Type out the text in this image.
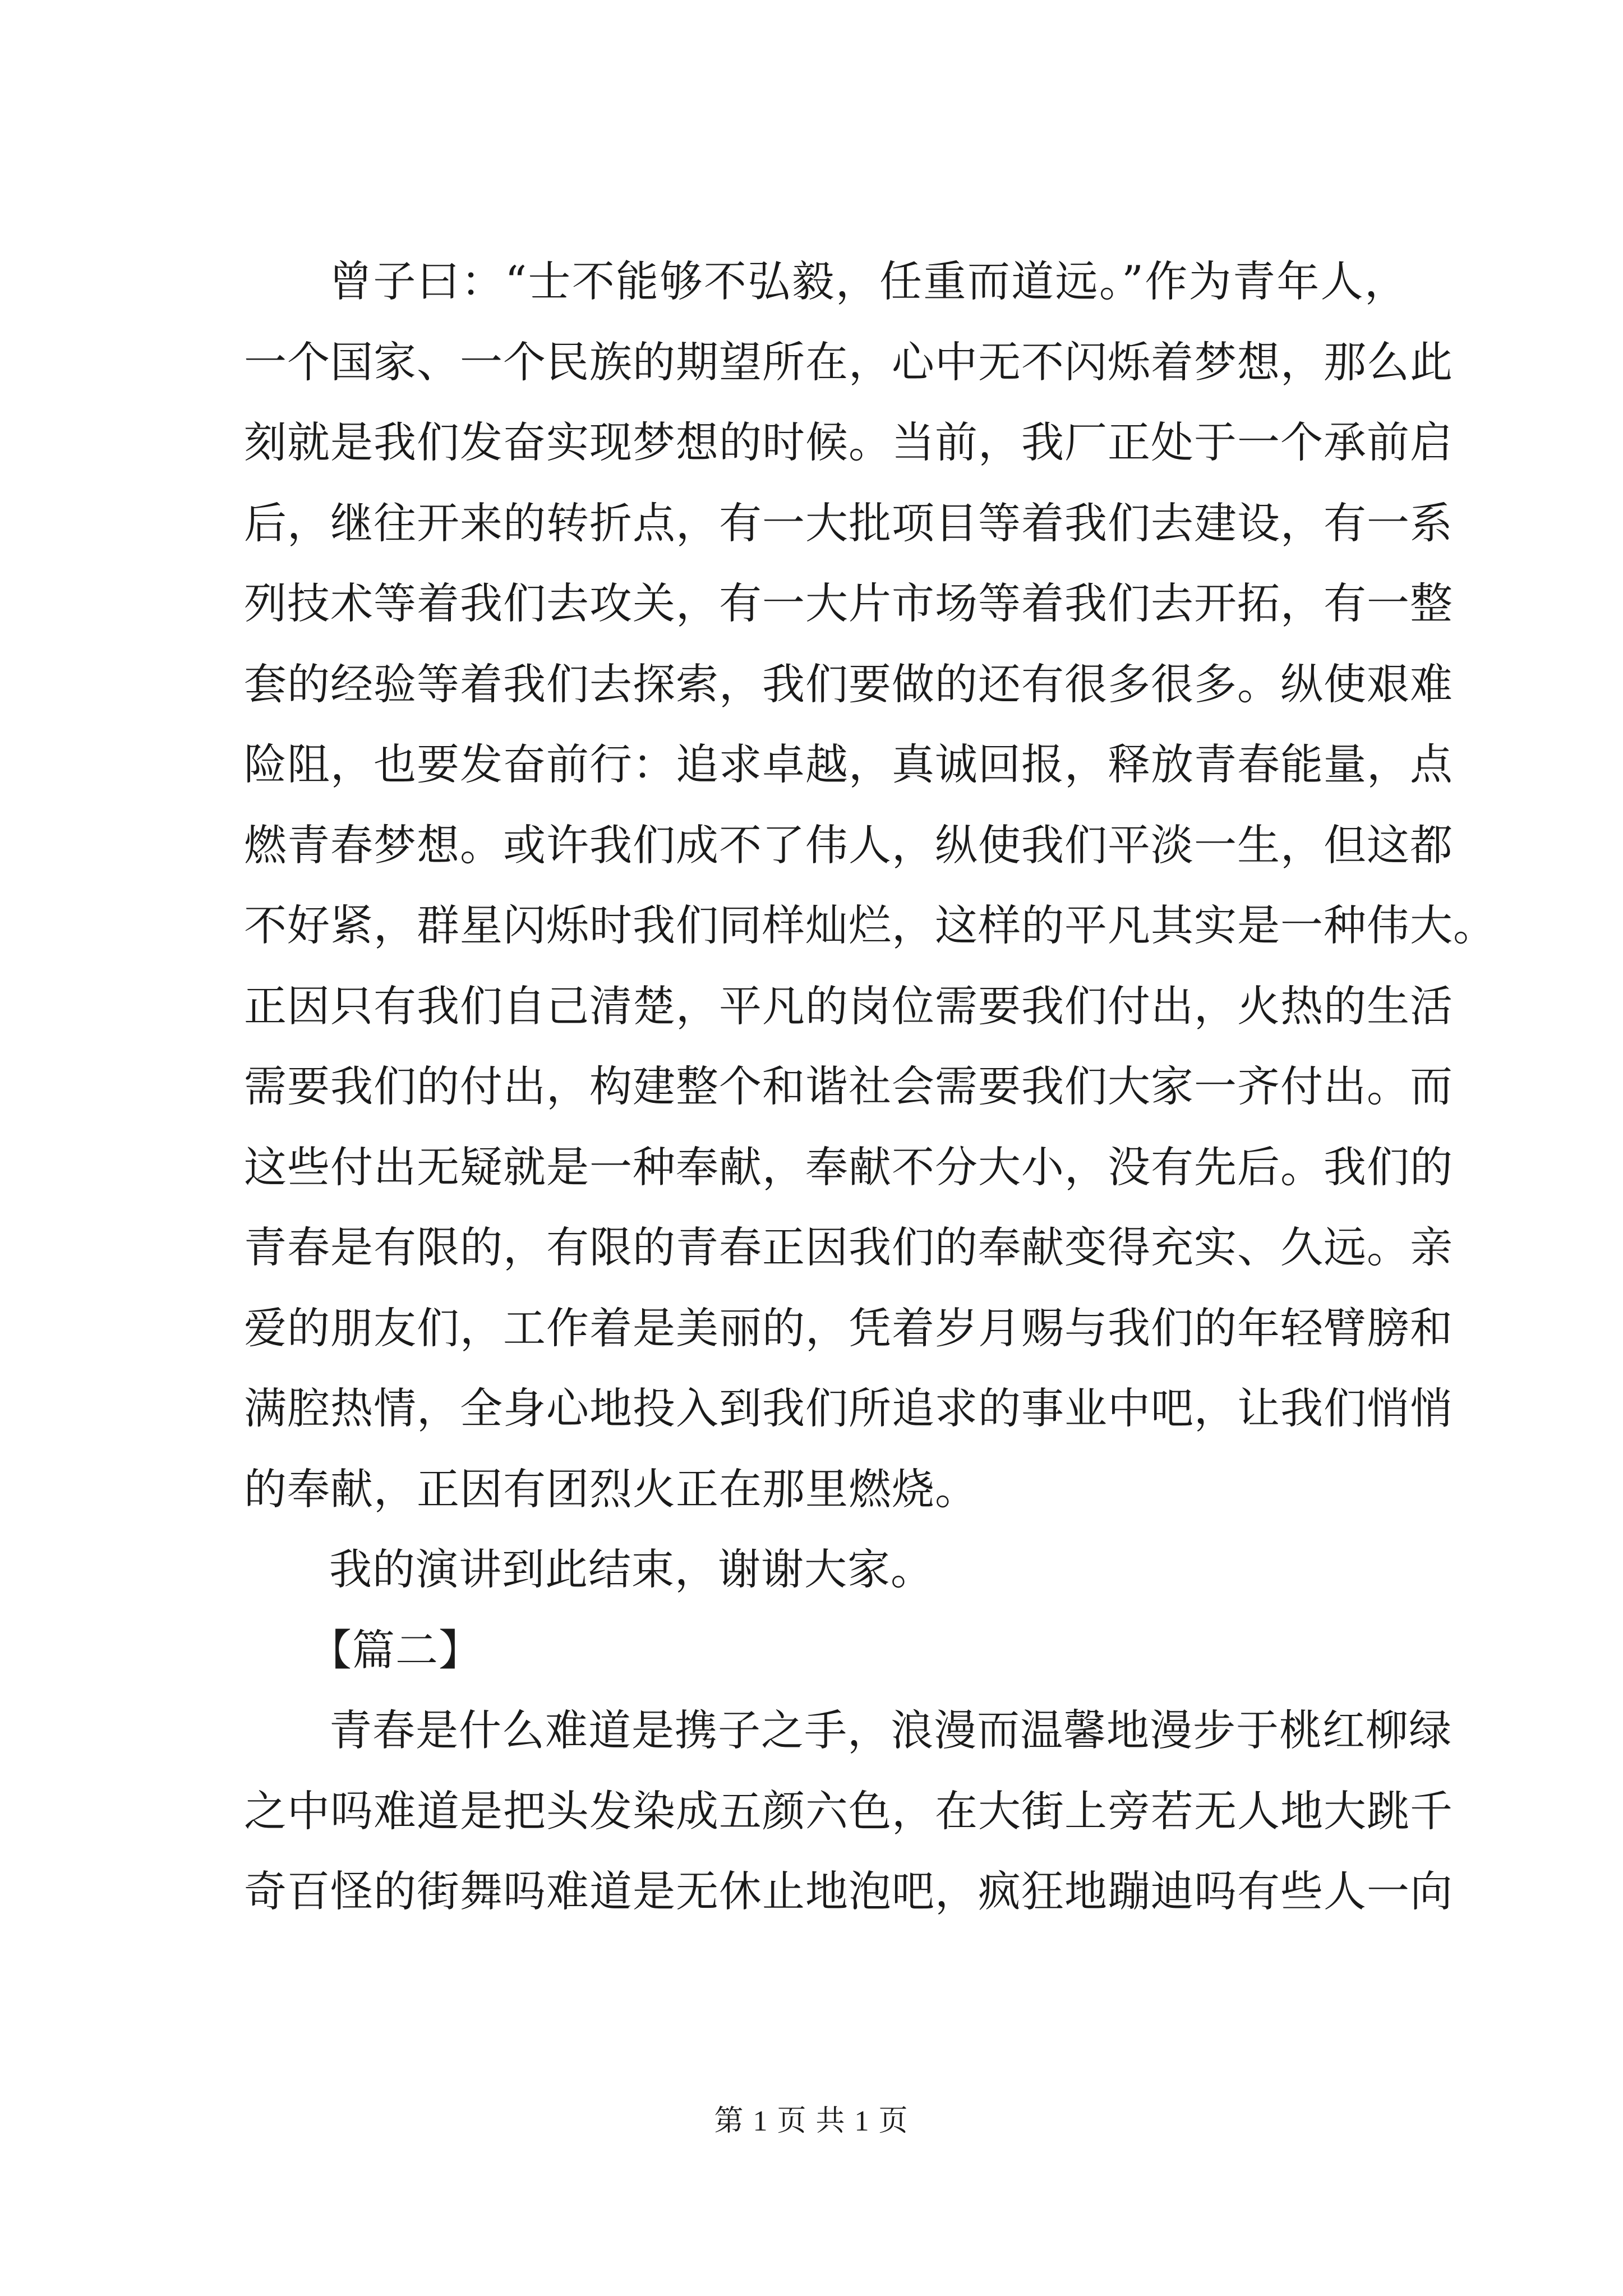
曾子曰：“士不能够不弘毅，任重而道远。”作为青年人，
一个国家、一个民族的期望所在，心中无不闪烁着梦想，那么此
刻就是我们发奋实现梦想的时候。当前，我厂正处于一个承前启
后，继往开来的转折点，有一大批项目等着我们去建设，有一系
列技术等着我们去攻关，有一大片市场等着我们去开拓，有一整
套的经验等着我们去探索，我们要做的还有很多很多。纵使艰难
险阻，也要发奋前行：追求卓越，真诚回报，释放青春能量，点
燃青春梦想。或许我们成不了伟人，纵使我们平淡一生，但这都
不好紧，群星闪烁时我们同样灿烂，这样的平凡其实是一种伟大。
正因只有我们自己清楚，平凡的岗位需要我们付出，火热的生活
需要我们的付出，构建整个和谐社会需要我们大家一齐付出。而
这些付出无疑就是一种奉献，奉献不分大小，没有先后。我们的
青春是有限的，有限的青春正因我们的奉献变得充实、久远。亲
爱的朋友们，工作着是美丽的，凭着岁月赐与我们的年轻臂膀和
满腔热情，全身心地投入到我们所追求的事业中吧，让我们悄悄
的奉献，正因有团烈火正在那里燃烧。
我的演讲到此结束，谢谢大家。
【篇二】
青春是什么难道是携子之手，浪漫而温馨地漫步于桃红柳绿
之中吗难道是把头发染成五颜六色，在大街上旁若无人地大跳千
奇百怪的街舞吗难道是无休止地泡吧，疯狂地蹦迪吗有些人一向
第 1 页 共 1 页
